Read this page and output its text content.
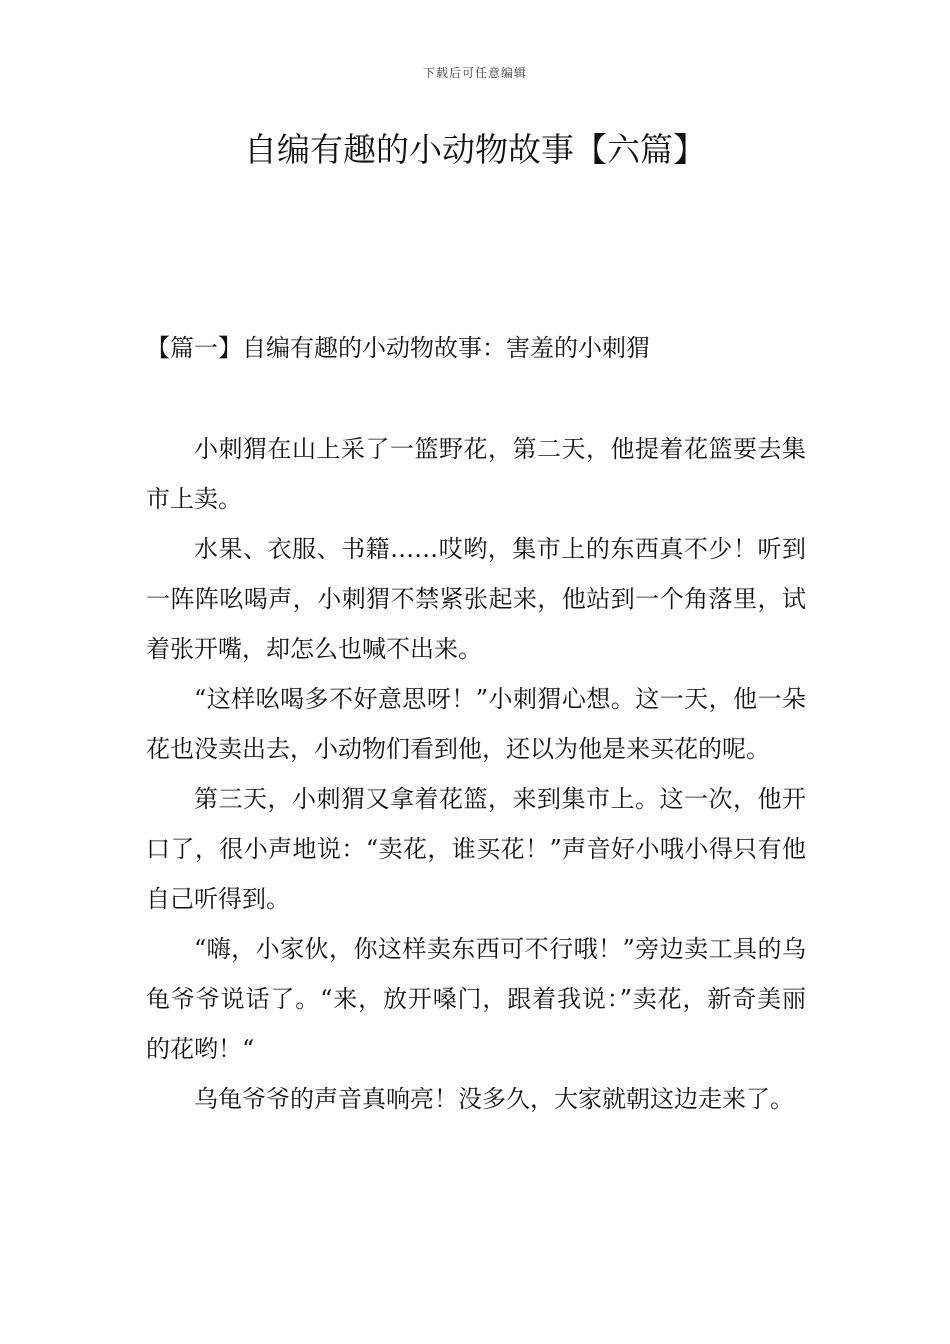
下载后可任意编辑
自编有趣的小动物故事【六篇】
【篇一】自编有趣的小动物故事：害羞的小刺猬

小刺猬在山上采了一篮野花，第二天，他提着花篮要去集市上卖。

水果、衣服、书籍……哎哟，集市上的东西真不少！听到一阵阵吆喝声，小刺猬不禁紧张起来，他站到一个角落里，试着张开嘴，却怎么也喊不出来。

“这样吆喝多不好意思呀！”小刺猬心想。这一天，他一朵花也没卖出去，小动物们看到他，还以为他是来买花的呢。

第三天，小刺猬又拿着花篮，来到集市上。这一次，他开口了，很小声地说：“卖花，谁买花！”声音好小哦小得只有他自己听得到。

“嗨，小家伙，你这样卖东西可不行哦！”旁边卖工具的乌龟爷爷说话了。“来，放开嗓门，跟着我说：”卖花，新奇美丽的花哟！“

乌龟爷爷的声音真响亮！没多久，大家就朝这边走来了。
